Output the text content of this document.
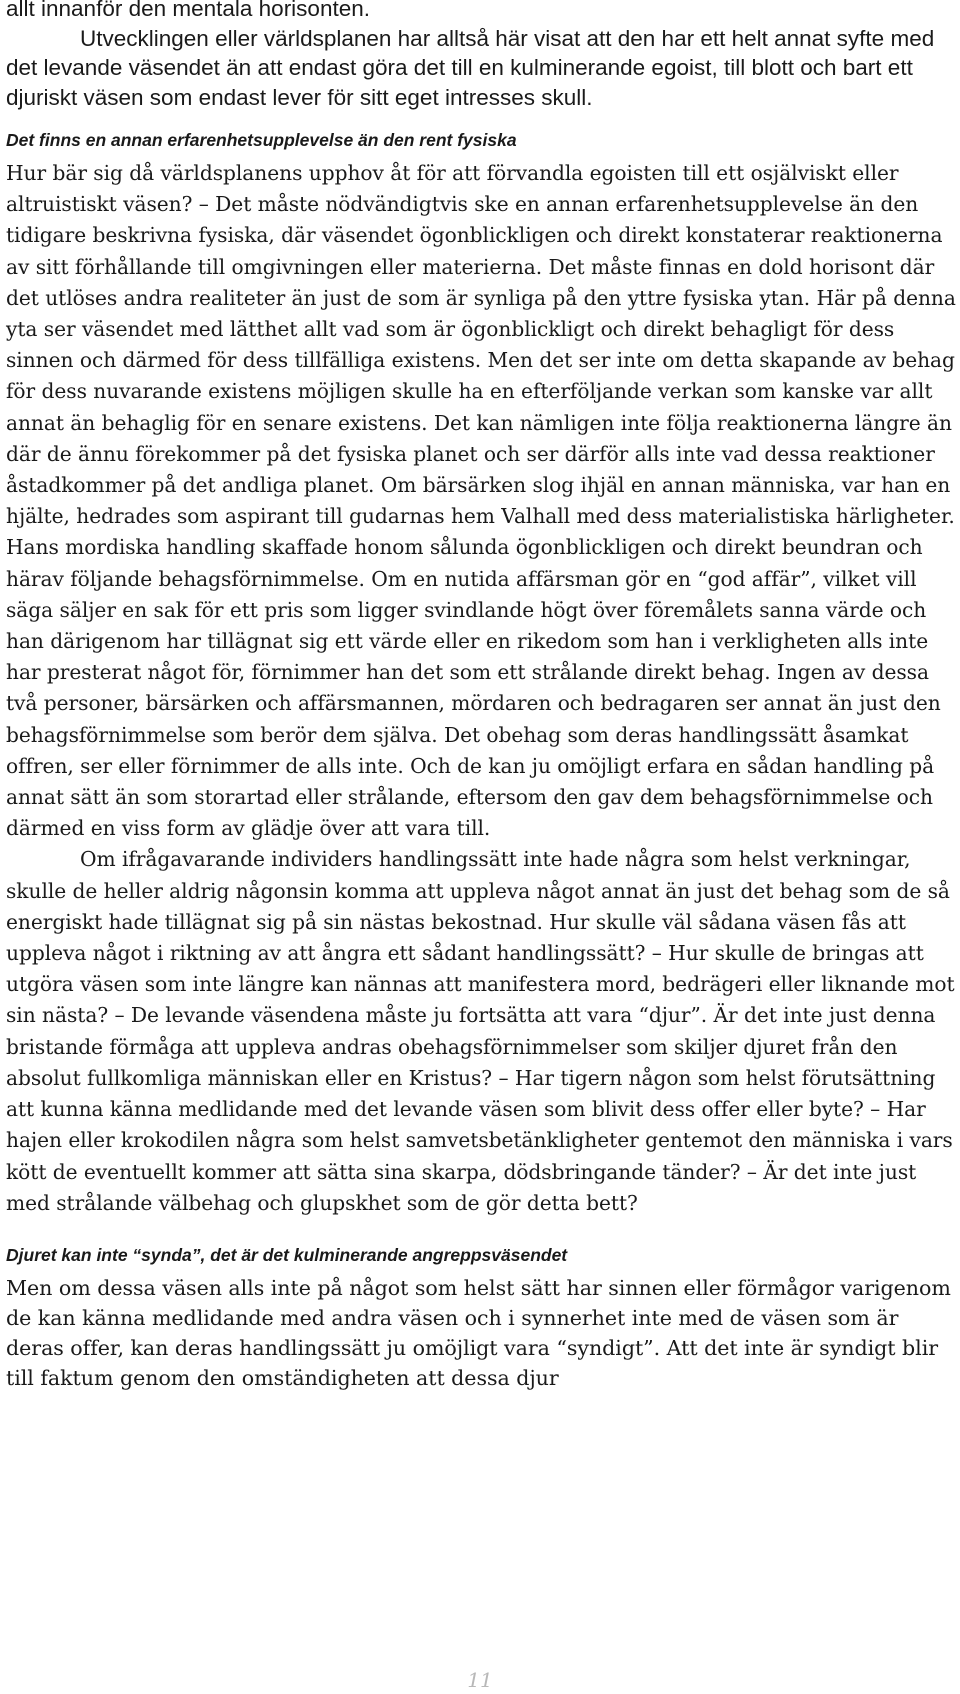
allt innanför den mentala horisonten.

Utvecklingen eller världsplanen har alltså här visat att den har ett helt annat syfte med det levande väsendet än att endast göra det till en kulminerande egoist, till blott och bart ett djuriskt väsen som endast lever för sitt eget intresses skull.

Det finns en annan erfarenhetsupplevelse än den rent fysiska

Hur bär sig då världsplanens upphov åt för att förvandla egoisten till ett osjälviskt eller altruistiskt väsen? – Det måste nödvändigtvis ske en annan erfarenhetsupplevelse än den tidigare beskrivna fysiska, där väsendet ögonblickligen och direkt konstaterar reaktionerna av sitt förhållande till omgivningen eller materierna. Det måste finnas en dold horisont där det utlöses andra realiteter än just de som är synliga på den yttre fysiska ytan. Här på denna yta ser väsendet med lätthet allt vad som är ögonblickligt och direkt behagligt för dess sinnen och därmed för dess tillfälliga existens. Men det ser inte om detta skapande av behag för dess nuvarande existens möjligen skulle ha en efterföljande verkan som kanske var allt annat än behaglig för en senare existens. Det kan nämligen inte följa reaktionerna längre än där de ännu förekommer på det fysiska planet och ser därför alls inte vad dessa reaktioner åstadkommer på det andliga planet. Om bärsärken slog ihjäl en annan människa, var han en hjälte, hedrades som aspirant till gudarnas hem Valhall med dess materialistiska härligheter. Hans mordiska handling skaffade honom sålunda ögonblickligen och direkt beundran och härav följande behagsförnimmelse. Om en nutida affärsman gör en “god affär”, vilket vill säga säljer en sak för ett pris som ligger svindlande högt över föremålets sanna värde och han därigenom har tillägnat sig ett värde eller en rikedom som han i verkligheten alls inte har presterat något för, förnimmer han det som ett strålande direkt behag. Ingen av dessa två personer, bärsärken och affärsmannen, mördaren och bedragaren ser annat än just den behagsförnimmelse som berör dem själva. Det obehag som deras handlingssätt åsamkat offren, ser eller förnimmer de alls inte. Och de kan ju omöjligt erfara en sådan handling på annat sätt än som storartad eller strålande, eftersom den gav dem behagsförnimmelse och därmed en viss form av glädje över att vara till.

Om ifrågavarande individers handlingssätt inte hade några som helst verkningar, skulle de heller aldrig någonsin komma att uppleva något annat än just det behag som de så energiskt hade tillägnat sig på sin nästas bekostnad. Hur skulle väl sådana väsen fås att uppleva något i riktning av att ångra ett sådant handlingssätt? – Hur skulle de bringas att utgöra väsen som inte längre kan nännas att manifestera mord, bedrägeri eller liknande mot sin nästa? – De levande väsendena måste ju fortsätta att vara “djur”. Är det inte just denna bristande förmåga att uppleva andras obehagsförnimmelser som skiljer djuret från den absolut fullkomliga människan eller en Kristus? – Har tigern någon som helst förutsättning att kunna känna medlidande med det levande väsen som blivit dess offer eller byte? – Har hajen eller krokodilen några som helst samvetsbetänkligheter gentemot den människa i vars kött de eventuellt kommer att sätta sina skarpa, dödsbringande tänder? – Är det inte just med strålande välbehag och glupskhet som de gör detta bett?

Djuret kan inte “synda”, det är det kulminerande angreppsväsendet

Men om dessa väsen alls inte på något som helst sätt har sinnen eller förmågor varigenom de kan känna medlidande med andra väsen och i synnerhet inte med de väsen som är deras offer, kan deras handlingssätt ju omöjligt vara “syndigt”. Att det inte är syndigt blir till faktum genom den omständigheten att dessa djur

11
